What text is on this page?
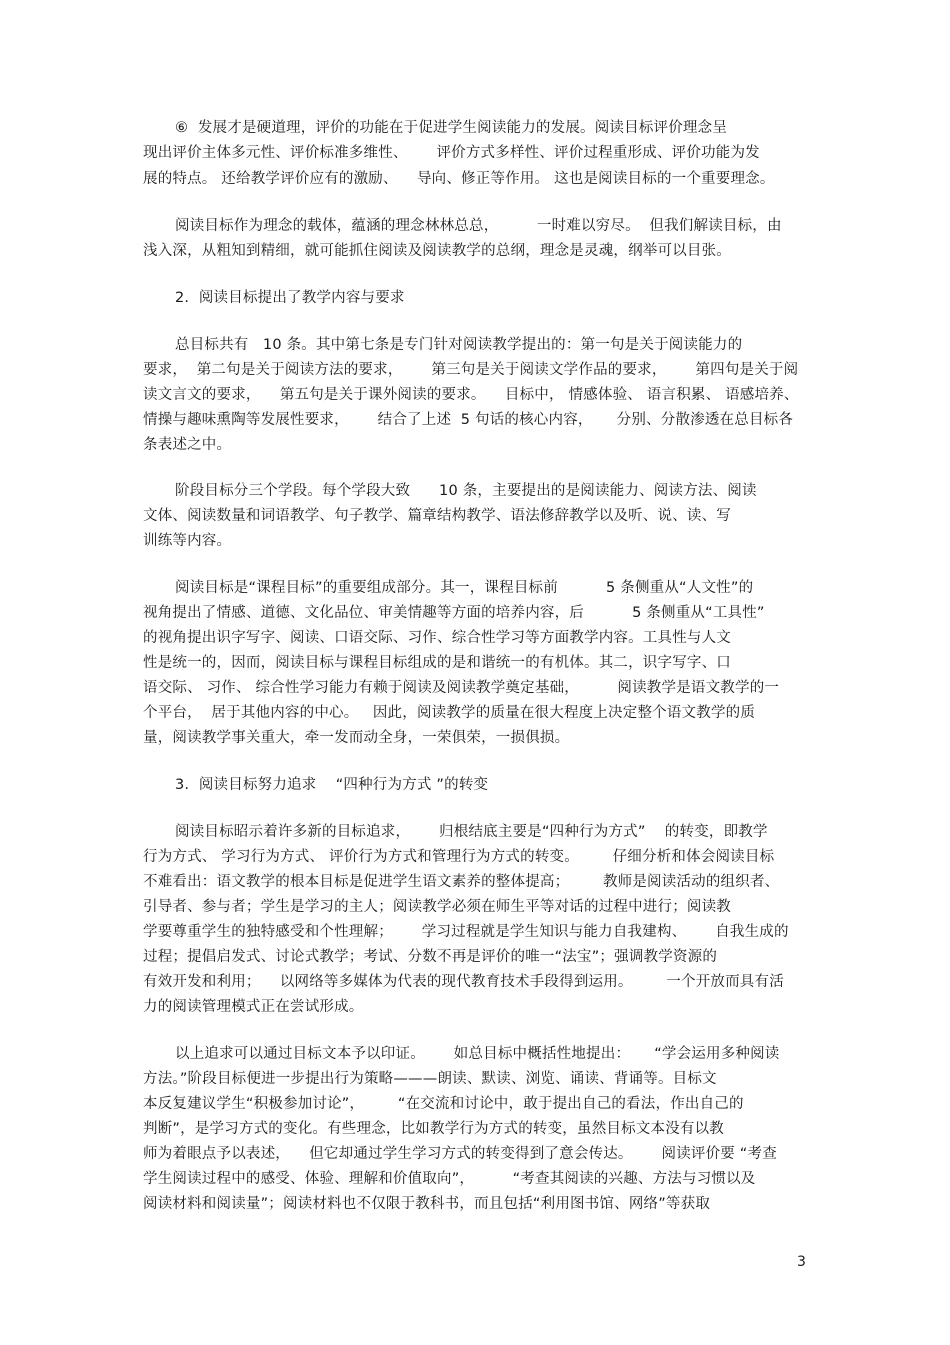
⑥  发展才是硬道理，评价的功能在于促进学生阅读能力的发展。阅读目标评价理念呈
现出评价主体多元性、评价标准多维性、      评价方式多样性、评价过程重形成、评价功能为发
展的特点。 还给教学评价应有的激励、    导向、修正等作用。 这也是阅读目标的一个重要理念。
阅读目标作为理念的载体，蕴涵的理念林林总总，        一时难以穷尽。  但我们解读目标，由
浅入深，从粗知到精细，就可能抓住阅读及阅读教学的总纲，理念是灵魂，纲举可以目张。
2.  阅读目标提出了教学内容与要求
总目标共有   10 条。其中第七条是专门针对阅读教学提出的：第一句是关于阅读能力的
要求，  第二句是关于阅读方法的要求，      第三句是关于阅读文学作品的要求，      第四句是关于阅
读文言文的要求，    第五句是关于课外阅读的要求。    目标中， 情感体验、 语言积累、 语感培养、
情操与趣味熏陶等发展性要求，      结合了上述  5 句话的核心内容，     分别、分散渗透在总目标各
条表述之中。
阶段目标分三个学段。每个学段大致      10 条，主要提出的是阅读能力、阅读方法、阅读
文体、阅读数量和词语教学、句子教学、篇章结构教学、语法修辞教学以及听、说、读、写
训练等内容。
阅读目标是“课程目标”的重要组成部分。其一，课程目标前          5 条侧重从“人文性”的
视角提出了情感、道德、文化品位、审美情趣等方面的培养内容，后          5 条侧重从“工具性”
的视角提出识字写字、阅读、口语交际、习作、综合性学习等方面教学内容。工具性与人文
性是统一的，因而，阅读目标与课程目标组成的是和谐统一的有机体。其二，识字写字、口
语交际、 习作、 综合性学习能力有赖于阅读及阅读教学奠定基础，        阅读教学是语文教学的一
个平台，  居于其他内容的中心。   因此，阅读教学的质量在很大程度上决定整个语文教学的质
量，阅读教学事关重大，牵一发而动全身，一荣俱荣，一损俱损。
3.  阅读目标努力追求    “四种行为方式 ”的转变
阅读目标昭示着许多新的目标追求，      归根结底主要是“四种行为方式”    的转变，即教学
行为方式、 学习行为方式、 评价行为方式和管理行为方式的转变。       仔细分析和体会阅读目标
不难看出：语文教学的根本目标是促进学生语文素养的整体提高；       教师是阅读活动的组织者、
引导者、参与者；学生是学习的主人；阅读教学必须在师生平等对话的过程中进行；阅读教
学要尊重学生的独特感受和个性理解；      学习过程就是学生知识与能力自我建构、      自我生成的
过程；提倡启发式、讨论式教学；考试、分数不再是评价的唯一“法宝”；强调教学资源的
有效开发和利用；    以网络等多媒体为代表的现代教育技术手段得到运用。       一个开放而具有活
力的阅读管理模式正在尝试形成。
以上追求可以通过目标文本予以印证。      如总目标中概括性地提出：     “学会运用多种阅读
方法。”阶段目标便进一步提出行为策略———朗读、默读、浏览、诵读、背诵等。目标文
本反复建议学生“积极参加讨论”，       “在交流和讨论中，敢于提出自己的看法，作出自己的
判断”，是学习方式的变化。有些理念，比如教学行为方式的转变，虽然目标文本没有以教
师为着眼点予以表述，    但它却通过学生学习方式的转变得到了意会传达。      阅读评价要 “考查
学生阅读过程中的感受、体验、理解和价值取向”，        “考查其阅读的兴趣、方法与习惯以及
阅读材料和阅读量”；阅读材料也不仅限于教科书，而且包括“利用图书馆、网络”等获取
3
